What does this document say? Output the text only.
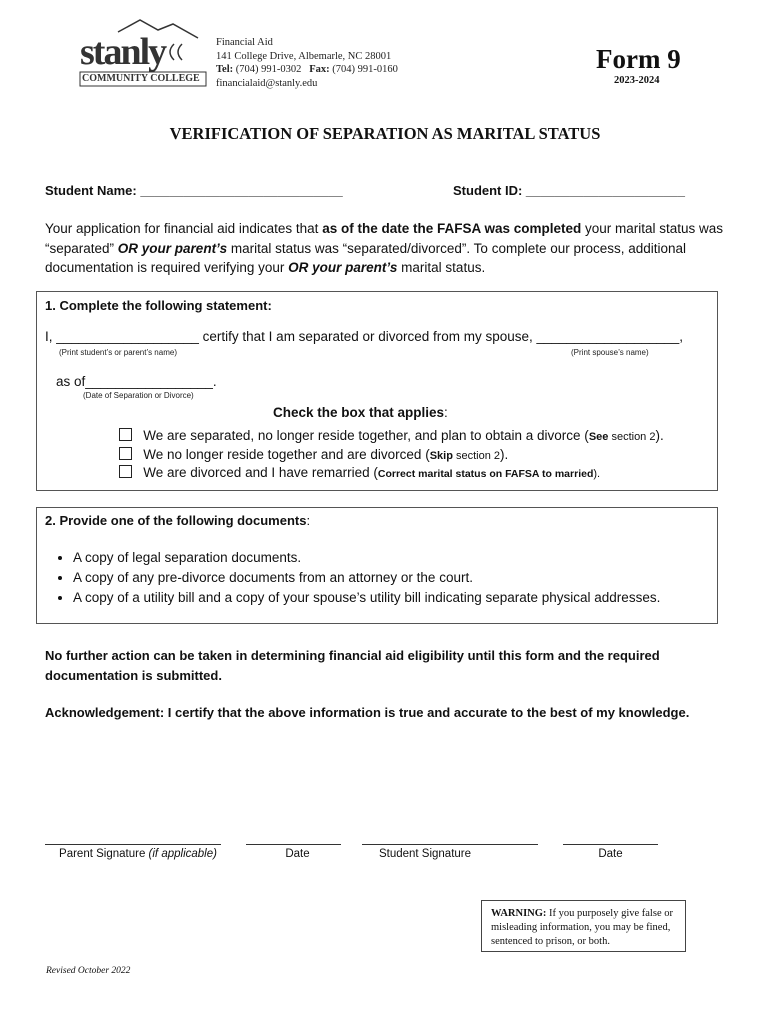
stanly
COMMUNITY COLLEGE
Financial Aid
141 College Drive, Albemarle, NC 28001
Tel: (704) 991-0302 Fax: (704) 991-0160
financialaid@stanly.edu
Form 9
2023-2024
VERIFICATION OF SEPARATION AS MARITAL STATUS
Student Name: ____________________________	Student ID: ______________________
Your application for financial aid indicates that as of the date the FAFSA was completed your marital status was “separated” OR your parent’s marital status was “separated/divorced”. To complete our process, additional documentation is required verifying your OR your parent’s marital status.
1. Complete the following statement:
I, ___________________ certify that I am separated or divorced from my spouse, ___________________,
(Print student’s or parent’s name)	(Print spouse’s name)
as of_________________.
(Date of Separation or Divorce)
Check the box that applies:
We are separated, no longer reside together, and plan to obtain a divorce (See section 2).
We no longer reside together and are divorced (Skip section 2).
We are divorced and I have remarried (Correct marital status on FAFSA to married).
2. Provide one of the following documents:
• A copy of legal separation documents.
• A copy of any pre-divorce documents from an attorney or the court.
• A copy of a utility bill and a copy of your spouse’s utility bill indicating separate physical addresses.
No further action can be taken in determining financial aid eligibility until this form and the required documentation is submitted.
Acknowledgement: I certify that the above information is true and accurate to the best of my knowledge.
Parent Signature (if applicable)	Date	Student Signature	Date
WARNING: If you purposely give false or misleading information, you may be fined, sentenced to prison, or both.
Revised October 2022
